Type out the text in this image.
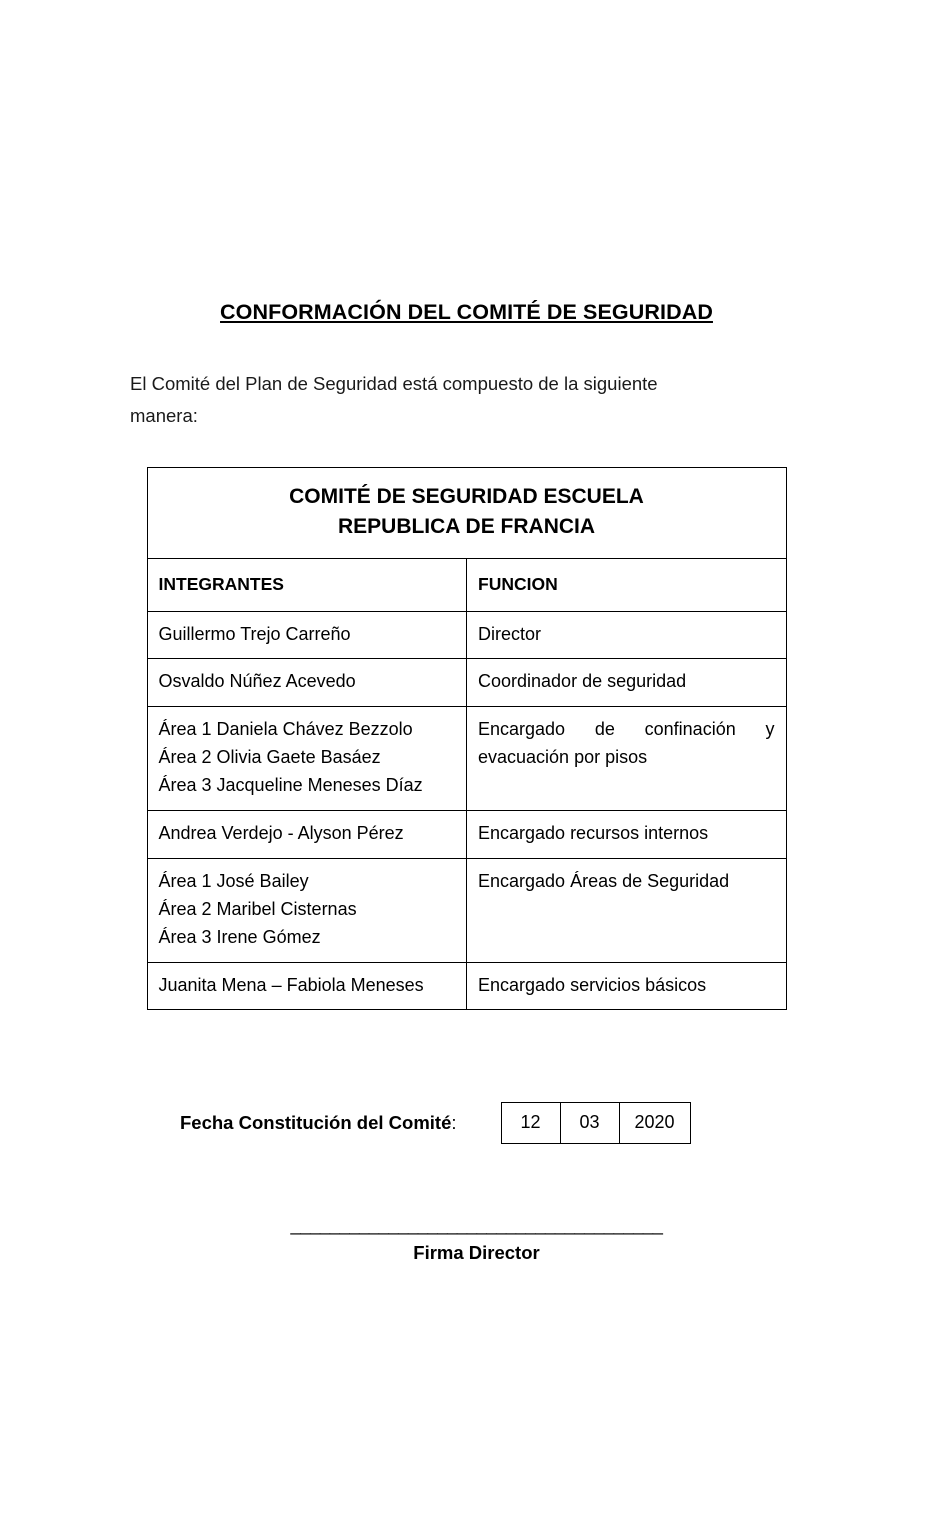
CONFORMACIÓN DEL COMITÉ DE SEGURIDAD

El Comité del Plan de Seguridad está compuesto de la siguiente
manera:

COMITÉ DE SEGURIDAD ESCUELA
REPUBLICA DE FRANCIA	
INTEGRANTES	FUNCION

Guillermo Trejo Carreño	Director

Osvaldo Núñez Acevedo	Coordinador de seguridad

Área 1 Daniela Chávez Bezzolo
Área 2 Olivia Gaete Basáez
Área 3 Jacqueline Meneses Díaz	Encargado de confinación y
evacuación por pisos

Andrea Verdejo - Alyson Pérez	Encargado recursos internos

Área 1 José Bailey
Área 2 Maribel Cisternas
Área 3 Irene Gómez	Encargado Áreas de Seguridad

Juanita Mena – Fabiola Meneses	Encargado servicios básicos
Fecha Constitución del Comité:	12	03	2020
______________________________________
Firma Director
